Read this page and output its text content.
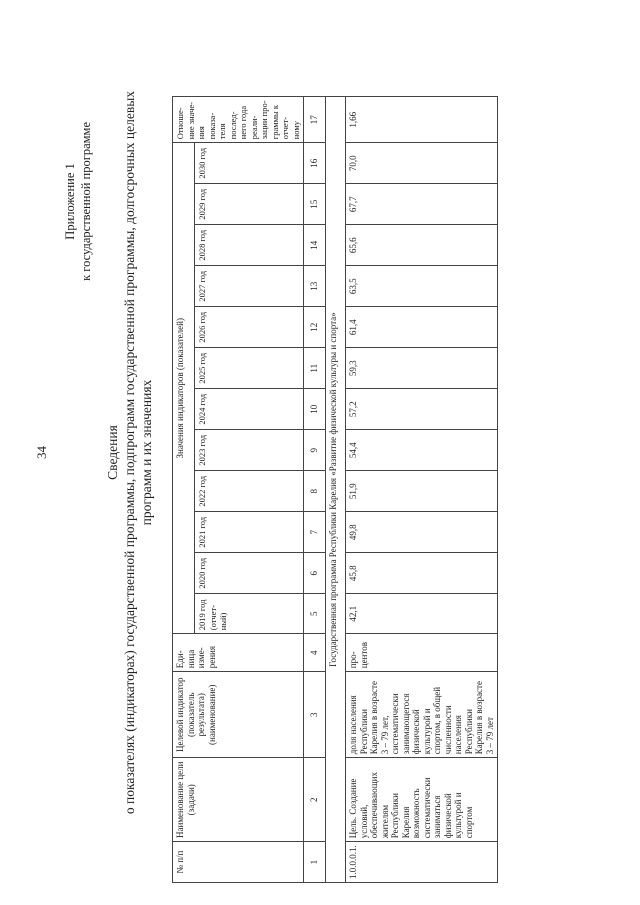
34
Приложение 1 к государственной программе
Сведения о показателях (индикаторах) государственной программы, подпрограмм государственной программы, долгосрочных целевых программ и их значениях
№ п/п	Наименование цели (задачи)	Целевой индикатор (показатель результата) (наименование)	Еди-ница изме-рения	Значения индикаторов (показателей)												Отноше-ние значе-ния показа-теля послед-него года реали-зации про-граммы к отчет-ному
				2019 год (отчет-ный)	2020 год	2021 год	2022 год	2023 год	2024 год	2025 год	2026 год	2027 год	2028 год	2029 год	2030 год	
1	2	3	4	5	6	7	8	9	10	11	12	13	14	15	16	17
Государственная программа Республики Карелия «Развитие физической культуры и спорта»																
1.0.0.0.1.	Цель. Создание условий, обеспечивающих жителям Республики Карелия возможность систематически заниматься физической культурой и спортом	доля населения Республики Карелия в возрасте 3 – 79 лет, систематически занимающегося физической культурой и спортом, в общей численности населения Республики Карелия в возрасте 3 – 79 лет	про-центов	42,1	45,8	49,8	51,9	54,4	57,2	59,3	61,4	63,5	65,6	67,7	70,0	1,66
